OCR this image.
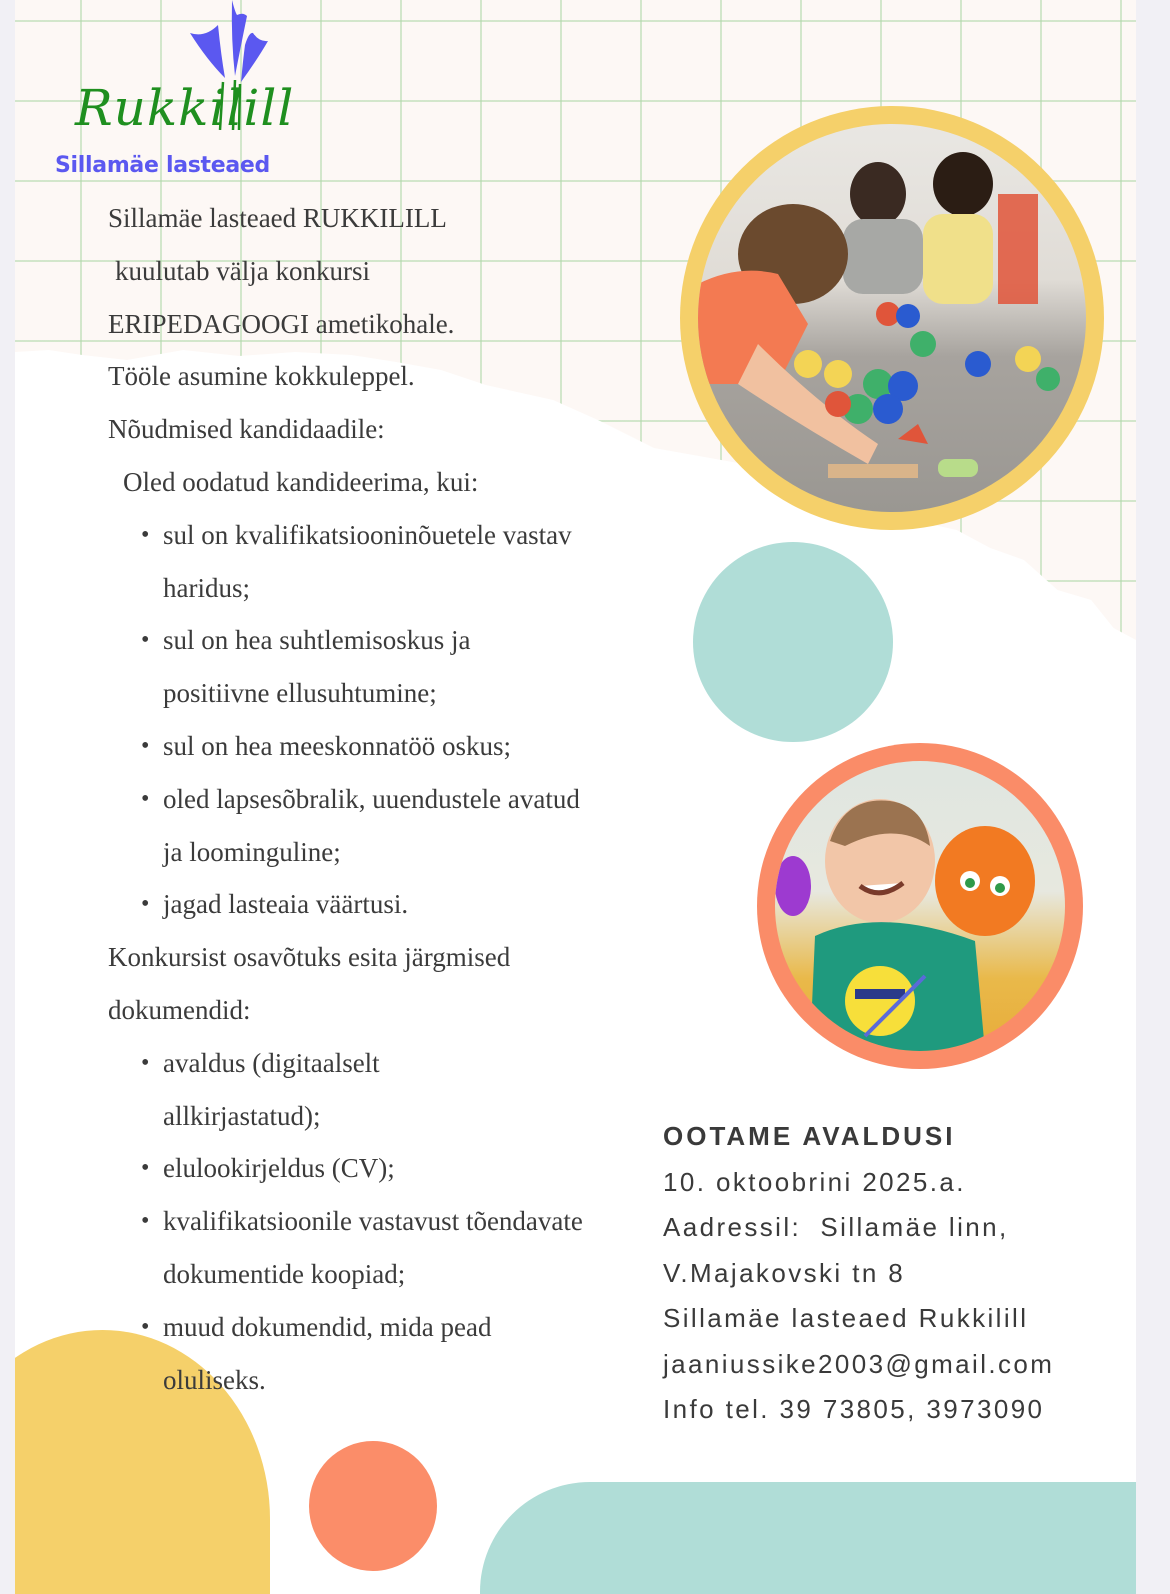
Rukkilill
Sillamäe lasteaed

Sillamäe lasteaed RUKKILILL

kuulutab välja konkursi

ERIPEDAGOOGI ametikohale.

Tööle asumine kokkuleppel.

Nõudmised kandidaadile:

Oled oodatud kandideerima, kui:

• sul on kvalifikatsiooninõuetele vastav haridus;
• sul on hea suhtlemisoskus ja positiivne ellusuhtumine;
• sul on hea meeskonnatöö oskus;
• oled lapsesõbralik, uuendustele avatud ja loominguline;
• jagad lasteaia väärtusi.

Konkursist osavõtuks esita järgmised dokumendid:

• avaldus (digitaalselt allkirjastatud);
• elulookirjeldus (CV);
• kvalifikatsioonile vastavust tõendavate dokumentide koopiad;
• muud dokumendid, mida pead oluliseks.
OOTAME AVALDUSI
10. oktoobrini 2025.a.
Aadressil:  Sillamäe linn,
V.Majakovski tn 8
Sillamäe lasteaed Rukkilill
jaaniussike2003@gmail.com
Info tel. 39 73805, 3973090
